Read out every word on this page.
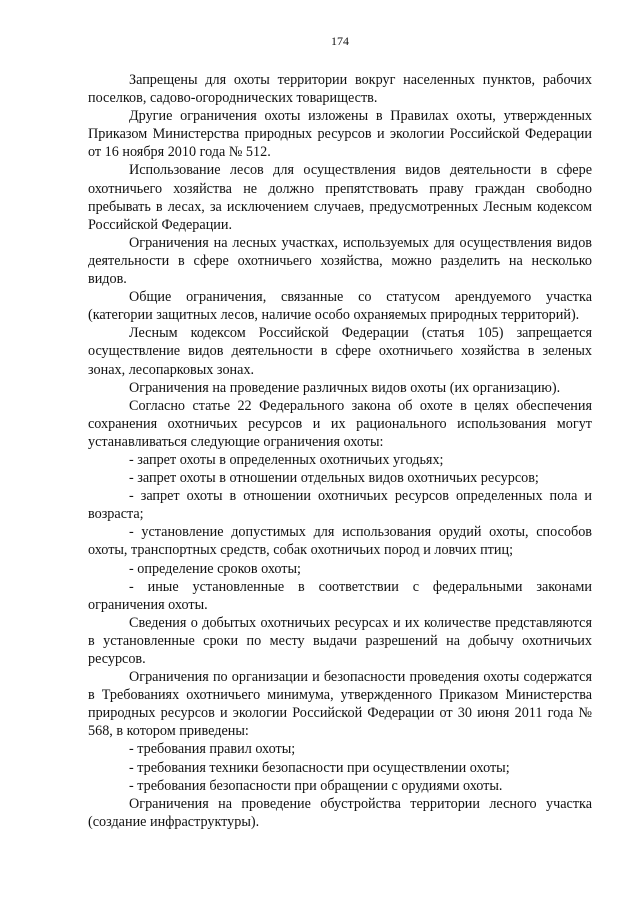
174

Запрещены для охоты территории вокруг населенных пунктов, рабочих поселков, садово-огороднических товариществ.

Другие ограничения охоты изложены в Правилах охоты, утвержденных Приказом Министерства природных ресурсов и экологии Российской Федерации от 16 ноября 2010 года № 512.

Использование лесов для осуществления видов деятельности в сфере охотничьего хозяйства не должно препятствовать праву граждан свободно пребывать в лесах, за исключением случаев, предусмотренных Лесным кодексом Российской Федерации.

Ограничения на лесных участках, используемых для осуществления видов деятельности в сфере охотничьего хозяйства, можно разделить на несколько видов.

Общие ограничения, связанные со статусом арендуемого участка (категории защитных лесов, наличие особо охраняемых природных территорий).

Лесным кодексом Российской Федерации (статья 105) запрещается осуществление видов деятельности в сфере охотничьего хозяйства в зеленых зонах, лесопарковых зонах.

Ограничения на проведение различных видов охоты (их организацию).

Согласно статье 22 Федерального закона об охоте в целях обеспечения сохранения охотничьих ресурсов и их рационального использования могут устанавливаться следующие ограничения охоты:

- запрет охоты в определенных охотничьих угодьях;

- запрет охоты в отношении отдельных видов охотничьих ресурсов;

- запрет охоты в отношении охотничьих ресурсов определенных пола и возраста;

- установление допустимых для использования орудий охоты, способов охоты, транспортных средств, собак охотничьих пород и ловчих птиц;

- определение сроков охоты;

- иные установленные в соответствии с федеральными законами ограничения охоты.

Сведения о добытых охотничьих ресурсах и их количестве представляются в установленные сроки по месту выдачи разрешений на добычу охотничьих ресурсов.

Ограничения по организации и безопасности проведения охоты содержатся в Требованиях охотничьего минимума, утвержденного Приказом Министерства природных ресурсов и экологии Российской Федерации от 30 июня 2011 года № 568, в котором приведены:

- требования правил охоты;

- требования техники безопасности при осуществлении охоты;

- требования безопасности при обращении с орудиями охоты.

Ограничения на проведение обустройства территории лесного участка (создание инфраструктуры).
